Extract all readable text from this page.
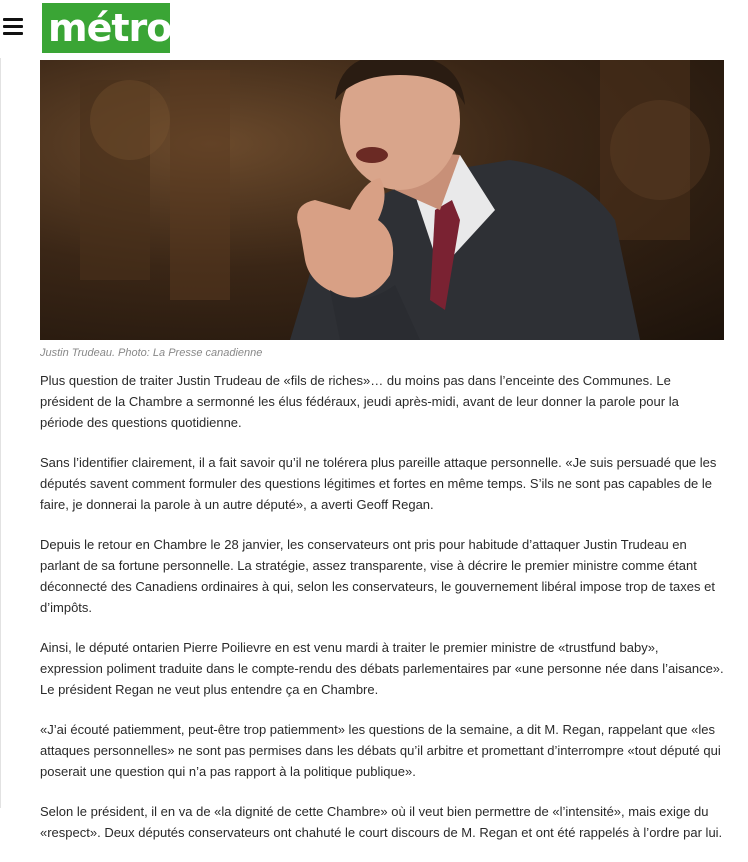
métro
Justin Trudeau. Photo: La Presse canadienne

Plus question de traiter Justin Trudeau de «fils de riches»… du moins pas dans l’enceinte des Communes. Le président de la Chambre a sermonné les élus fédéraux, jeudi après-midi, avant de leur donner la parole pour la période des questions quotidienne.

Sans l’identifier clairement, il a fait savoir qu’il ne tolérera plus pareille attaque personnelle. «Je suis persuadé que les députés savent comment formuler des questions légitimes et fortes en même temps. S’ils ne sont pas capables de le faire, je donnerai la parole à un autre député», a averti Geoff Regan.

Depuis le retour en Chambre le 28 janvier, les conservateurs ont pris pour habitude d’attaquer Justin Trudeau en parlant de sa fortune personnelle. La stratégie, assez transparente, vise à décrire le premier ministre comme étant déconnecté des Canadiens ordinaires à qui, selon les conservateurs, le gouvernement libéral impose trop de taxes et d’impôts.

Ainsi, le député ontarien Pierre Poilievre en est venu mardi à traiter le premier ministre de «trustfund baby», expression poliment traduite dans le compte-rendu des débats parlementaires par «une personne née dans l’aisance». Le président Regan ne veut plus entendre ça en Chambre.

«J’ai écouté patiemment, peut-être trop patiemment» les questions de la semaine, a dit M. Regan, rappelant que «les attaques personnelles» ne sont pas permises dans les débats qu’il arbitre et promettant d’interrompre «tout député qui poserait une question qui n’a pas rapport à la politique publique».

Selon le président, il en va de «la dignité de cette Chambre» où il veut bien permettre de «l’intensité», mais exige du «respect». Deux députés conservateurs ont chahuté le court discours de M. Regan et ont été rappelés à l’ordre par lui.
